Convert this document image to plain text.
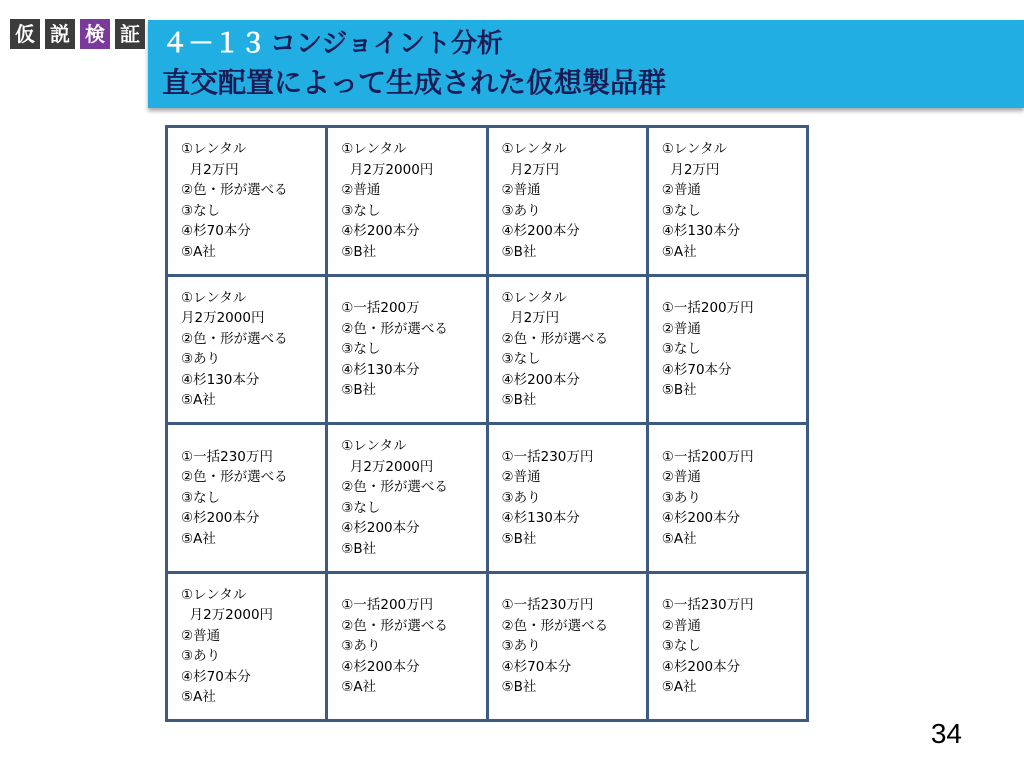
仮 説 検 証 ４－１３ コンジョイント分析
直交配置によって生成された仮想製品群
①レンタル
月2万円
②色・形が選べる
③なし
④杉70本分
⑤A社
①レンタル
月2万2000円
②普通
③なし
④杉200本分
⑤B社
①レンタル
月2万円
②普通
③あり
④杉200本分
⑤B社
①レンタル
月2万円
②普通
③なし
④杉130本分
⑤A社
①レンタル
月2万2000円
②色・形が選べる
③あり
④杉130本分
⑤A社
①一括200万
②色・形が選べる
③なし
④杉130本分
⑤B社
①レンタル
月2万円
②色・形が選べる
③なし
④杉200本分
⑤B社
①一括200万円
②普通
③なし
④杉70本分
⑤B社
①一括230万円
②色・形が選べる
③なし
④杉200本分
⑤A社
①レンタル
月2万2000円
②色・形が選べる
③なし
④杉200本分
⑤B社
①一括230万円
②普通
③あり
④杉130本分
⑤B社
①一括200万円
②普通
③あり
④杉200本分
⑤A社
①レンタル
月2万2000円
②普通
③あり
④杉70本分
⑤A社
①一括200万円
②色・形が選べる
③あり
④杉200本分
⑤A社
①一括230万円
②色・形が選べる
③あり
④杉70本分
⑤B社
①一括230万円
②普通
③なし
④杉200本分
⑤A社
34
